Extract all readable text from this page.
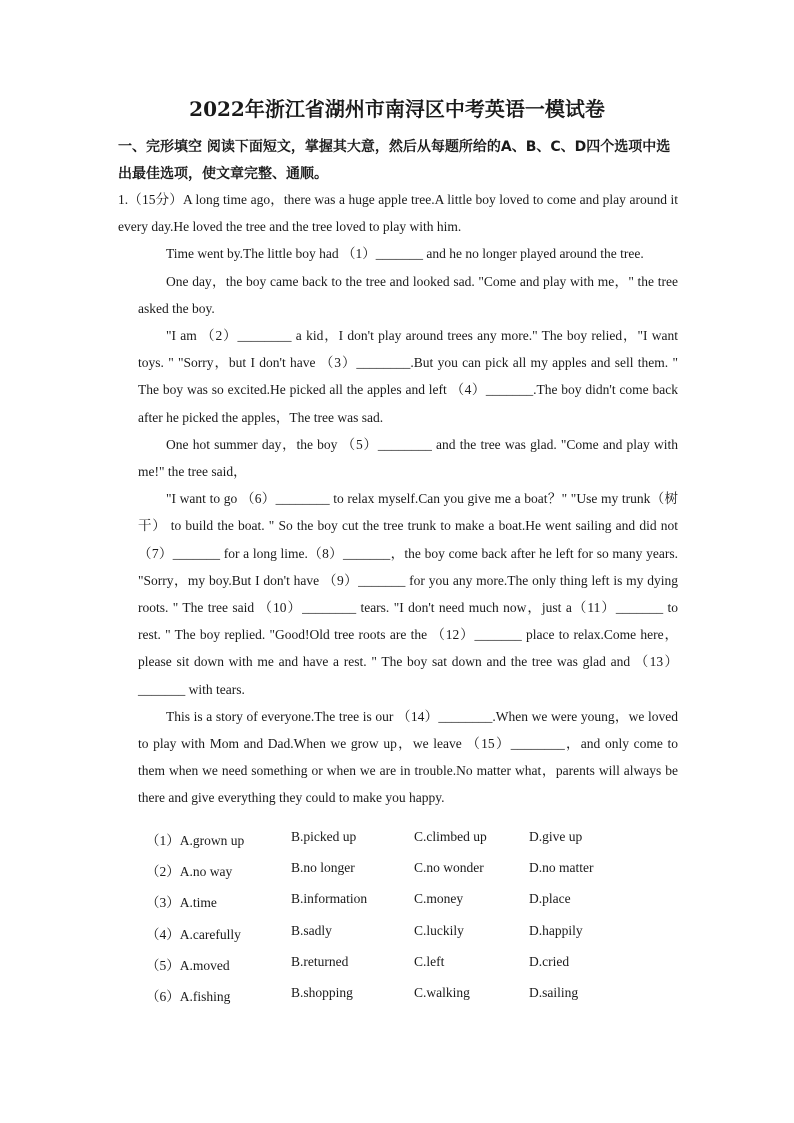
2022年浙江省湖州市南浔区中考英语一模试卷
一、完形填空 阅读下面短文，掌握其大意，然后从每题所给的A、B、C、D四个选项中选出最佳选项，使文章完整、通顺。

1.（15分）A long time ago，there was a huge apple tree.A little boy loved to come and play around it every day.He loved the tree and the tree loved to play with him.

Time went by.The little boy had （1）_______ and he no longer played around the tree.

One day，the boy came back to the tree and looked sad. "Come and play with me，" the tree asked the boy.

"I am （2）________ a kid，I don't play around trees any more." The boy relied，"I want toys. " "Sorry，but I don't have （3）________.But you can pick all my apples and sell them. " The boy was so excited.He picked all the apples and left （4）_______.The boy didn't come back after he picked the apples，The tree was sad.

One hot summer day，the boy （5）________ and the tree was glad. "Come and play with me!" the tree said，

"I want to go （6）________ to relax myself.Can you give me a boat？" "Use my trunk（树干） to build the boat. " So the boy cut the tree trunk to make a boat.He went sailing and did not （7）_______ for a long lime.（8）_______，the boy come back after he left for so many years. "Sorry，my boy.But I don't have （9）_______ for you any more.The only thing left is my dying roots. " The tree said （10）________ tears. "I don't need much now，just a（11）_______ to rest. " The boy replied. "Good!Old tree roots are the （12）_______ place to relax.Come here，please sit down with me and have a rest. " The boy sat down and the tree was glad and （13）_______ with tears.

This is a story of everyone.The tree is our （14）________.When we were young，we loved to play with Mom and Dad.When we grow up，we leave （15）________，and only come to them when we need something or when we are in trouble.No matter what，parents will always be there and give everything they could to make you happy.

（1）A.grown up	B.picked up	C.climbed up	D.give up
（2）A.no way	B.no longer	C.no wonder	D.no matter
（3）A.time	B.information	C.money	D.place
（4）A.carefully	B.sadly	C.luckily	D.happily
（5）A.moved	B.returned	C.left	D.cried
（6）A.fishing	B.shopping	C.walking	D.sailing
